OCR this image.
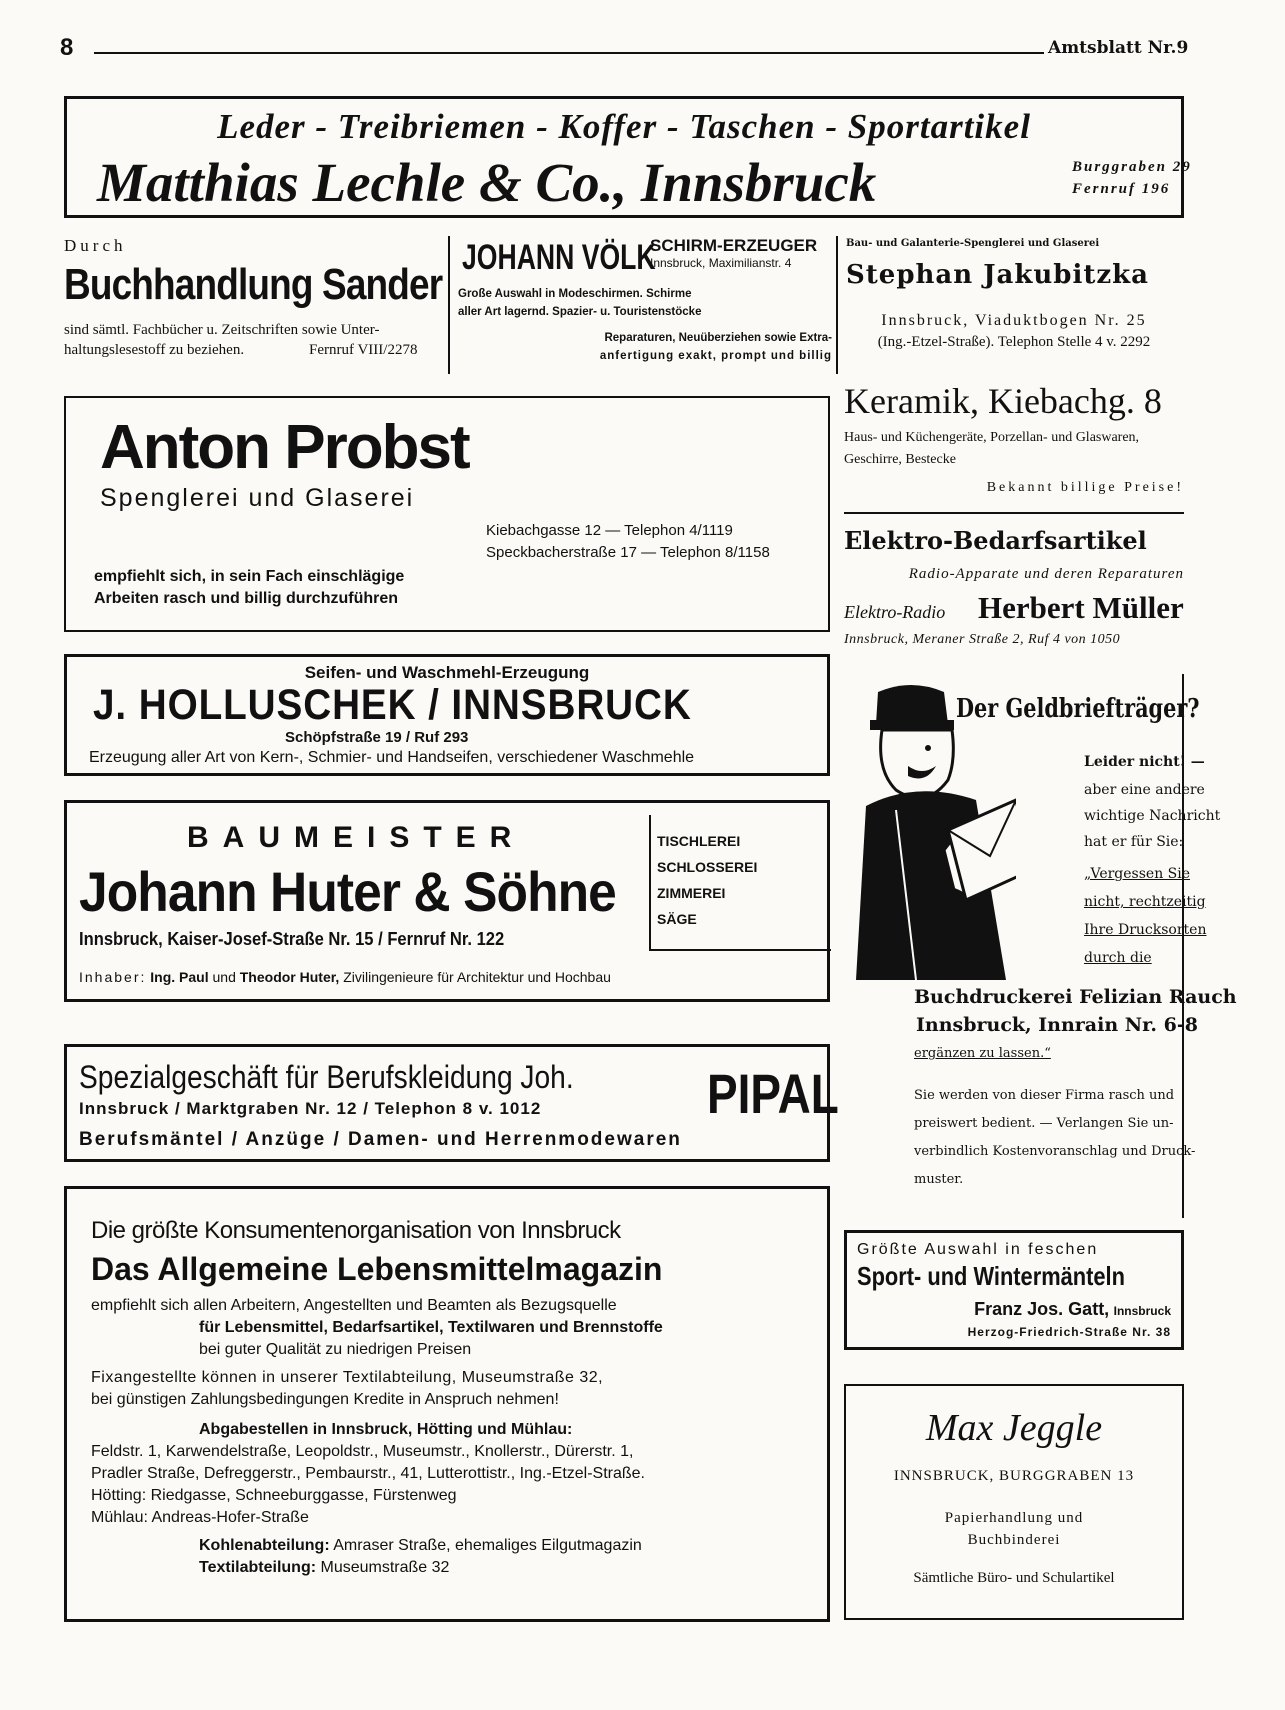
8	Amtsblatt Nr.9
Leder - Treibriemen - Koffer - Taschen - Sportartikel
Matthias Lechle & Co., Innsbruck	Burggraben 29
Fernruf 196
Durch
Buchhandlung Sander
sind sämtl. Fachbücher u. Zeitschriften sowie Unter-
haltungslesestoff zu beziehen.	Fernruf VIII/2278
JOHANN VÖLK
SCHIRM-ERZEUGER
Innsbruck, Maximilianstr. 4
Große Auswahl in Modeschirmen. Schirme
aller Art lagernd. Spazier- u. Touristenstöcke
Reparaturen, Neuüberziehen sowie Extra-
anfertigung exakt, prompt und billig
Bau- und Galanterie-Spenglerei und Glaserei
Stephan Jakubitzka
Innsbruck, Viaduktbogen Nr. 25
(Ing.-Etzel-Straße). Telephon Stelle 4 v. 2292
Anton Probst
Spenglerei und Glaserei
Kiebachgasse 12 — Telephon 4/1119
Speckbacherstraße 17 — Telephon 8/1158
empfiehlt sich, in sein Fach einschlägige
Arbeiten rasch und billig durchzuführen
Keramik, Kiebachg. 8
Haus- und Küchengeräte, Porzellan- und Glaswaren,
Geschirre, Bestecke
Bekannt billige Preise!
Elektro-Bedarfsartikel
Radio-Apparate und deren Reparaturen
Elektro-Radio Herbert Müller
Innsbruck, Meraner Straße 2, Ruf 4 von 1050
Seifen- und Waschmehl-Erzeugung
J. HOLLUSCHEK / INNSBRUCK
Schöpfstraße 19 / Ruf 293
Erzeugung aller Art von Kern-, Schmier- und Handseifen, verschiedener Waschmehle
Der Geldbriefträger?
Leider nicht! —
aber eine andere
wichtige Nachricht
hat er für Sie:
„Vergessen Sie
nicht, rechtzeitig
Ihre Drucksorten
durch die
Buchdruckerei Felizian Rauch
Innsbruck, Innrain Nr. 6-8
ergänzen zu lassen.“
Sie werden von dieser Firma rasch und
preiswert bedient. — Verlangen Sie un-
verbindlich Kostenvoranschlag und Druck-
muster.
BAUMEISTER
Johann Huter & Söhne
Innsbruck, Kaiser-Josef-Straße Nr. 15 / Fernruf Nr. 122
TISCHLEREI
SCHLOSSEREI
ZIMMEREI
SÄGE
Inhaber: Ing. Paul und Theodor Huter, Zivilingenieure für Architektur und Hochbau
Spezialgeschäft für Berufskleidung Joh. PIPAL
Innsbruck / Marktgraben Nr. 12 / Telephon 8 v. 1012
Berufsmäntel / Anzüge / Damen- und Herrenmodewaren
Die größte Konsumentenorganisation von Innsbruck
Das Allgemeine Lebensmittelmagazin
empfiehlt sich allen Arbeitern, Angestellten und Beamten als Bezugsquelle
für Lebensmittel, Bedarfsartikel, Textilwaren und Brennstoffe
bei guter Qualität zu niedrigen Preisen
Fixangestellte können in unserer Textilabteilung, Museumstraße 32,
bei günstigen Zahlungsbedingungen Kredite in Anspruch nehmen!
Abgabestellen in Innsbruck, Hötting und Mühlau:
Feldstr. 1, Karwendelstraße, Leopoldstr., Museumstr., Knollerstr., Dürerstr. 1,
Pradler Straße, Defreggerstr., Pembaurstr., 41, Lutterottistr., Ing.-Etzel-Straße.
Hötting: Riedgasse, Schneeburggasse, Fürstenweg
Mühlau: Andreas-Hofer-Straße
Kohlenabteilung: Amraser Straße, ehemaliges Eilgutmagazin
Textilabteilung: Museumstraße 32
Größte Auswahl in feschen
Sport- und Wintermänteln
Franz Jos. Gatt, Innsbruck
Herzog-Friedrich-Straße Nr. 38
Max Jeggle
INNSBRUCK, BURGGRABEN 13
Papierhandlung und
Buchbinderei
Sämtliche Büro- und Schulartikel
